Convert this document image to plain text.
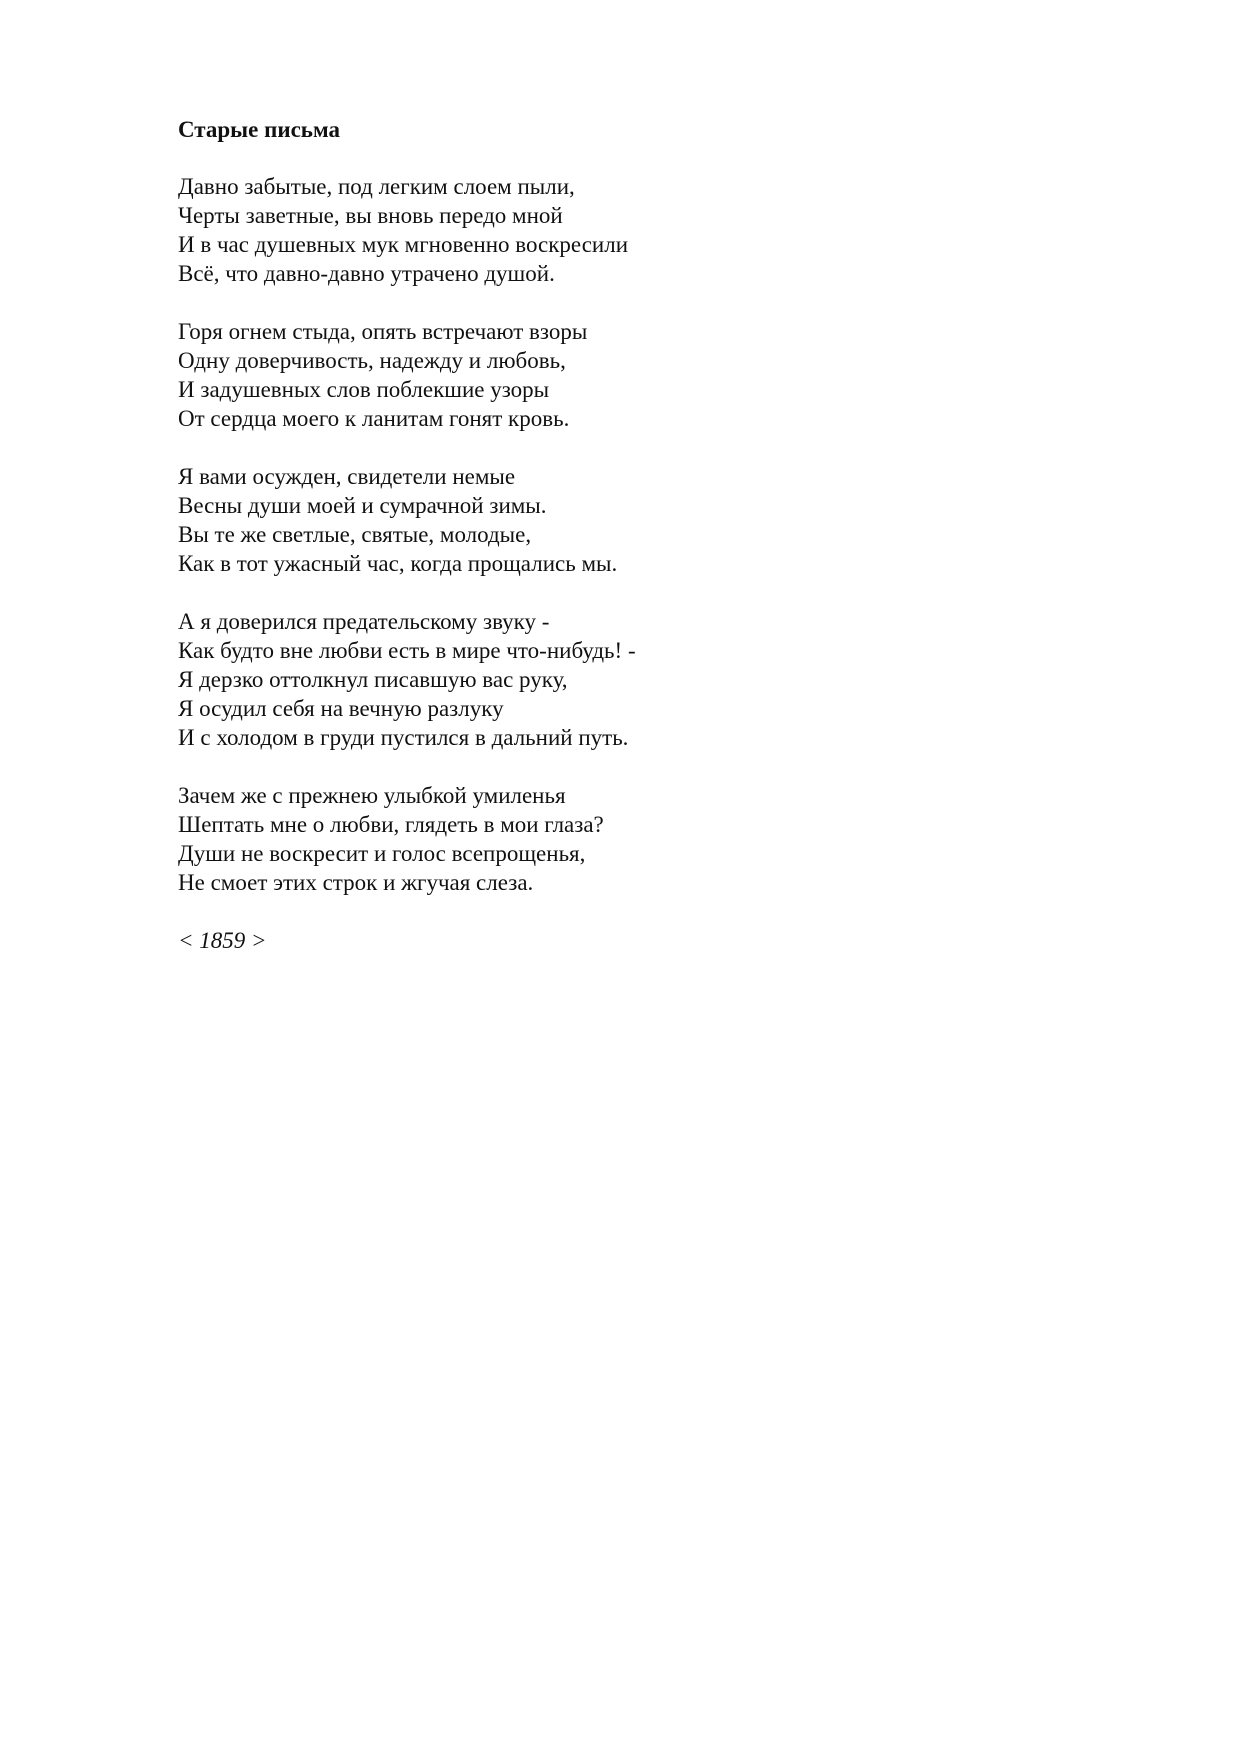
Старые письма
Давно забытые, под легким слоем пыли,
Черты заветные, вы вновь передо мной
И в час душевных мук мгновенно воскресили
Всё, что давно-давно утрачено душой.
Горя огнем стыда, опять встречают взоры
Одну доверчивость, надежду и любовь,
И задушевных слов поблекшие узоры
От сердца моего к ланитам гонят кровь.
Я вами осужден, свидетели немые
Весны души моей и сумрачной зимы.
Вы те же светлые, святые, молодые,
Как в тот ужасный час, когда прощались мы.
А я доверился предательскому звуку -
Как будто вне любви есть в мире что-нибудь! -
Я дерзко оттолкнул писавшую вас руку,
Я осудил себя на вечную разлуку
И с холодом в груди пустился в дальний путь.
Зачем же с прежнею улыбкой умиленья
Шептать мне о любви, глядеть в мои глаза?
Души не воскресит и голос всепрощенья,
Не смоет этих строк и жгучая слеза.
< 1859 >
